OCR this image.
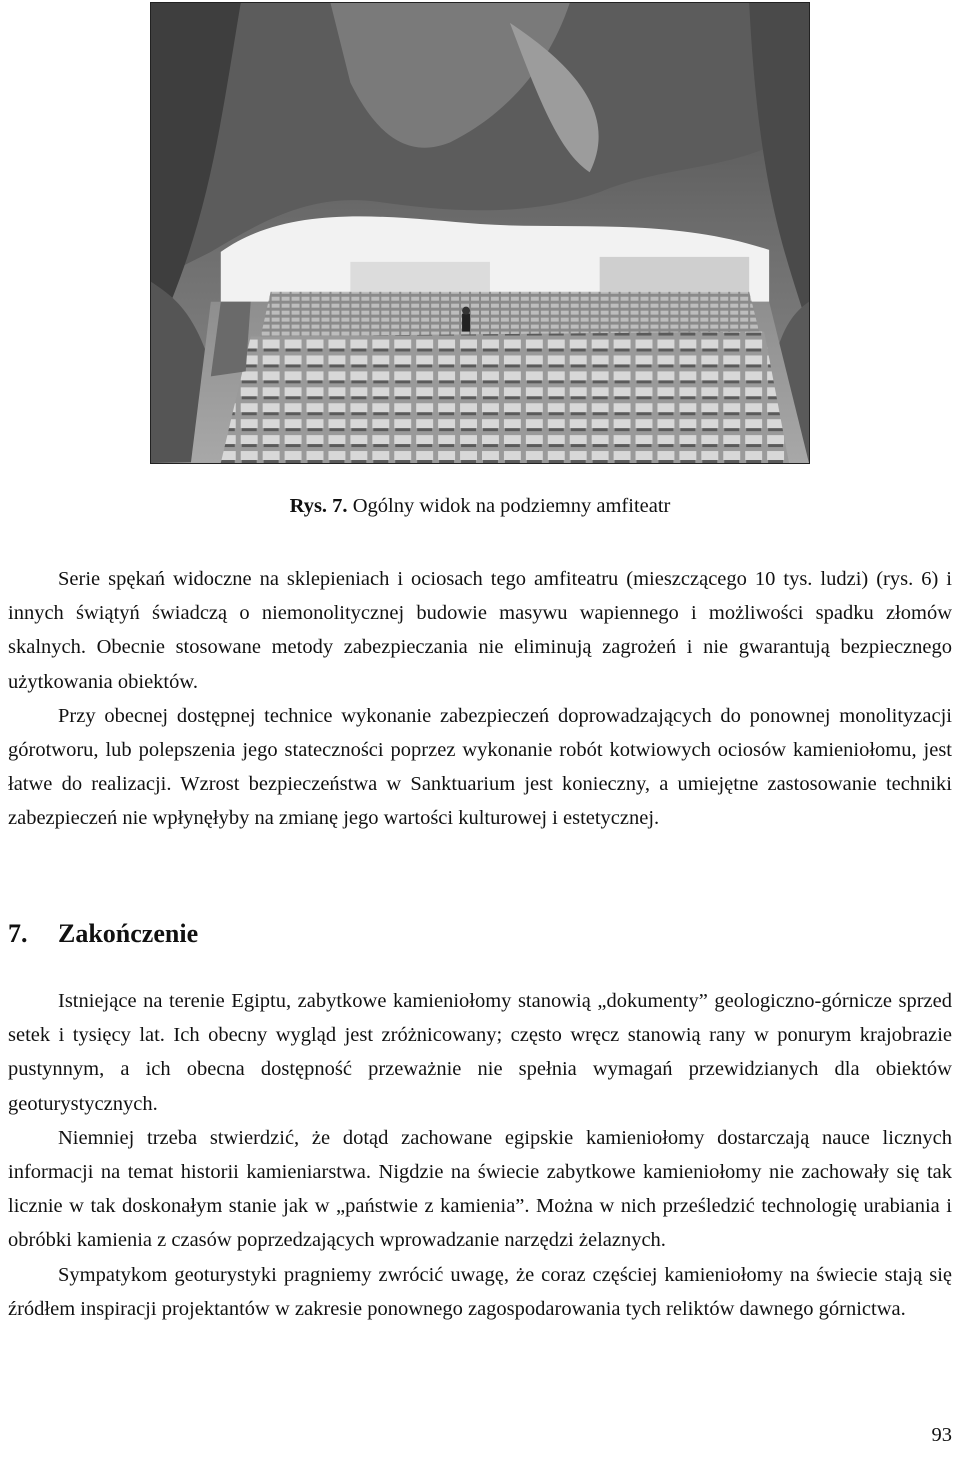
Rys. 7. Ogólny widok na podziemny amfiteatr

Serie spękań widoczne na sklepieniach i ociosach tego amfiteatru (mieszczącego 10 tys. ludzi) (rys. 6) i innych świątyń świadczą o niemonolitycznej budowie masywu wapiennego i możliwości spadku złomów skalnych. Obecnie stosowane metody zabezpieczania nie eliminują zagrożeń i nie gwarantują bezpiecznego użytkowania obiektów.

Przy obecnej dostępnej technice wykonanie zabezpieczeń doprowadzających do ponownej monolityzacji górotworu, lub polepszenia jego stateczności poprzez wykonanie robót kotwiowych ociosów kamieniołomu, jest łatwe do realizacji. Wzrost bezpieczeństwa w Sanktuarium jest konieczny, a umiejętne zastosowanie techniki zabezpieczeń nie wpłynęłyby na zmianę jego wartości kulturowej i estetycznej.

7. Zakończenie

Istniejące na terenie Egiptu, zabytkowe kamieniołomy stanowią „dokumenty” geologiczno-górnicze sprzed setek i tysięcy lat. Ich obecny wygląd jest zróżnicowany; często wręcz stanowią rany w ponurym krajobrazie pustynnym, a ich obecna dostępność przeważnie nie spełnia wymagań przewidzianych dla obiektów geoturystycznych.

Niemniej trzeba stwierdzić, że dotąd zachowane egipskie kamieniołomy dostarczają nauce licznych informacji na temat historii kamieniarstwa. Nigdzie na świecie zabytkowe kamieniołomy nie zachowały się tak licznie w tak doskonałym stanie jak w „państwie z kamienia”. Można w nich prześledzić technologię urabiania i obróbki kamienia z czasów poprzedzających wprowadzanie narzędzi żelaznych.

Sympatykom geoturystyki pragniemy zwrócić uwagę, że coraz częściej kamieniołomy na świecie stają się źródłem inspiracji projektantów w zakresie ponownego zagospodarowania tych reliktów dawnego górnictwa.

93
